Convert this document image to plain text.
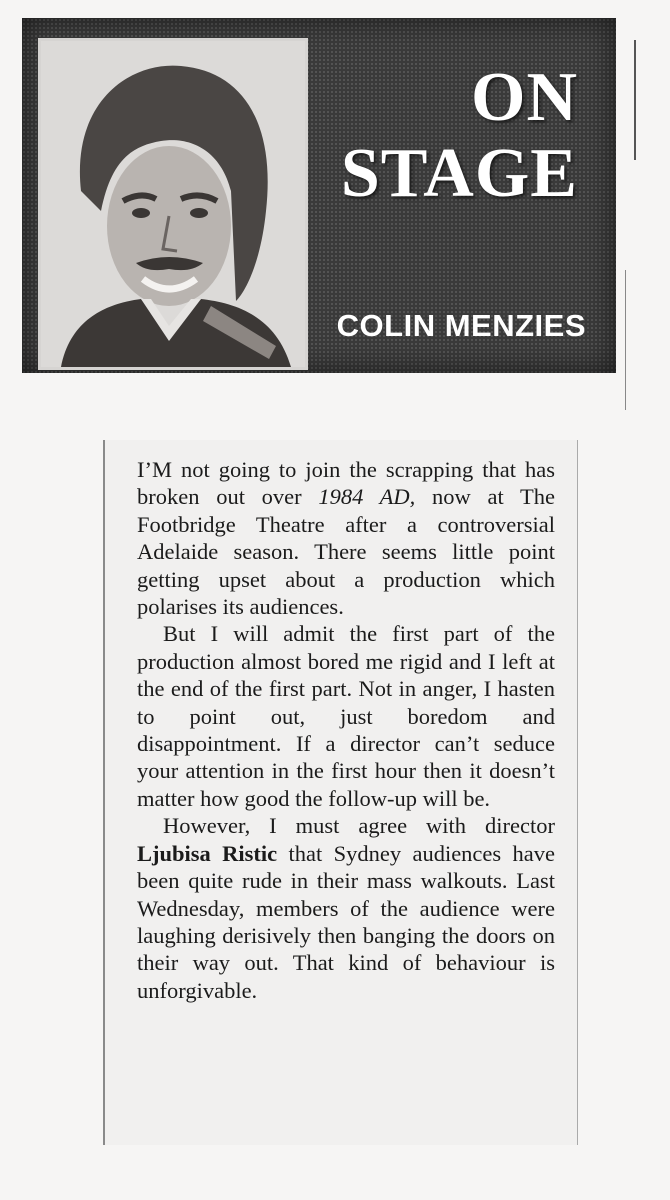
ON
STAGE
COLIN MENZIES

I’M not going to join the scrapping that has broken out over 1984 AD, now at The Footbridge Theatre after a controversial Adelaide season. There seems little point getting upset about a production which polarises its audiences.

But I will admit the first part of the production almost bored me rigid and I left at the end of the first part. Not in anger, I hasten to point out, just boredom and disappointment. If a director can’t seduce your attention in the first hour then it doesn’t matter how good the follow-up will be.

However, I must agree with director Ljubisa Ristic that Sydney audiences have been quite rude in their mass walkouts. Last Wednesday, members of the audience were laughing derisively then banging the doors on their way out. That kind of behaviour is unforgivable.
